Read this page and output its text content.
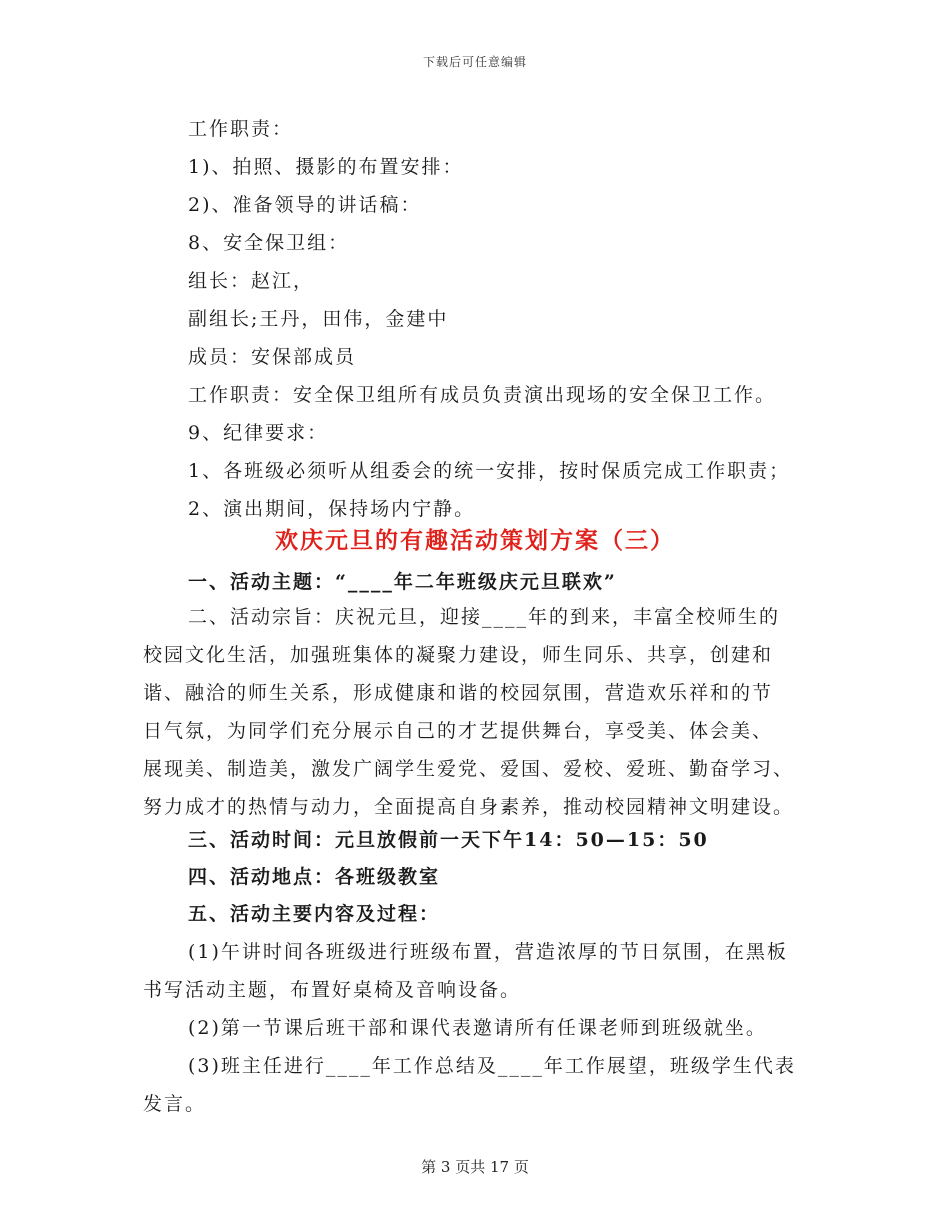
下载后可任意编辑
工作职责：
1)、拍照、摄影的布置安排：
2)、准备领导的讲话稿：
8、安全保卫组：
组长：赵江，
副组长;王丹，田伟，金建中
成员：安保部成员
工作职责：安全保卫组所有成员负责演出现场的安全保卫工作。
9、纪律要求：
1、各班级必须听从组委会的统一安排，按时保质完成工作职责；
2、演出期间，保持场内宁静。
欢庆元旦的有趣活动策划方案（三）
一、活动主题：“____年二年班级庆元旦联欢”
二、活动宗旨：庆祝元旦，迎接____年的到来，丰富全校师生的
校园文化生活，加强班集体的凝聚力建设，师生同乐、共享，创建和
谐、融洽的师生关系，形成健康和谐的校园氛围，营造欢乐祥和的节
日气氛，为同学们充分展示自己的才艺提供舞台，享受美、体会美、
展现美、制造美，激发广阔学生爱党、爱国、爱校、爱班、勤奋学习、
努力成才的热情与动力，全面提高自身素养，推动校园精神文明建设。
三、活动时间：元旦放假前一天下午14：50—15：50
四、活动地点：各班级教室
五、活动主要内容及过程：
(1)午讲时间各班级进行班级布置，营造浓厚的节日氛围，在黑板
书写活动主题，布置好桌椅及音响设备。
(2)第一节课后班干部和课代表邀请所有任课老师到班级就坐。
(3)班主任进行____年工作总结及____年工作展望，班级学生代表
发言。
第 3 页共 17 页
